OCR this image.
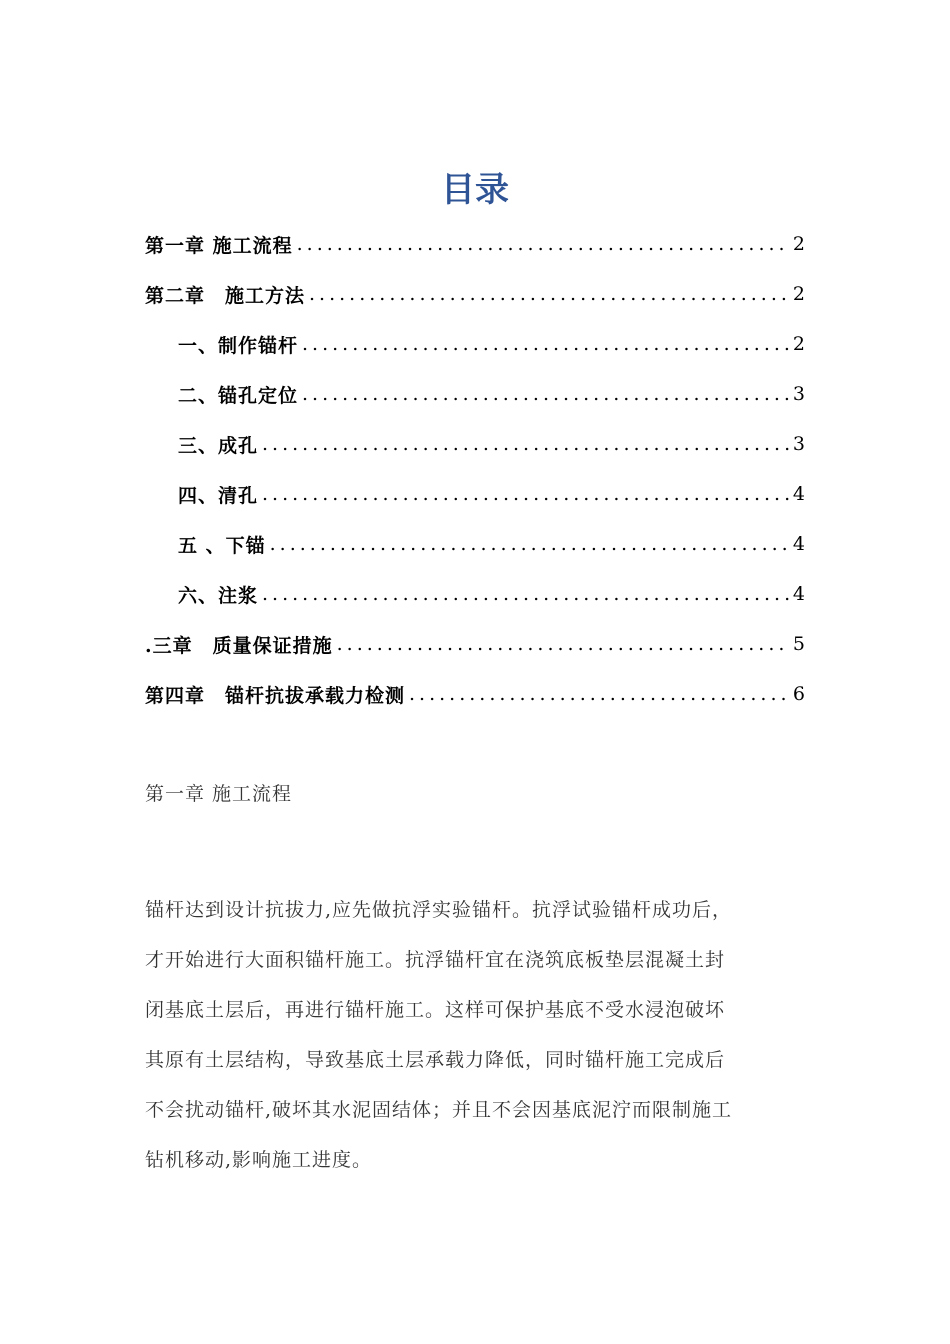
目录
第一章 施工流程 .....	2
第二章　施工方法 .....	2
一、制作锚杆 .....	2
二、锚孔定位 .....	3
三、成孔 .....	3
四、清孔 .....	4
五 、下锚 .....	4
六、注浆 .....	4
.三章　质量保证措施 .....	5
第四章　锚杆抗拔承载力检测 .....	6
第一章 施工流程
锚杆达到设计抗拔力,应先做抗浮实验锚杆。抗浮试验锚杆成功后，
才开始进行大面积锚杆施工。抗浮锚杆宜在浇筑底板垫层混凝土封
闭基底土层后，再进行锚杆施工。这样可保护基底不受水浸泡破坏
其原有土层结构，导致基底土层承载力降低，同时锚杆施工完成后
不会扰动锚杆,破坏其水泥固结体；并且不会因基底泥泞而限制施工
钻机移动,影响施工进度。
